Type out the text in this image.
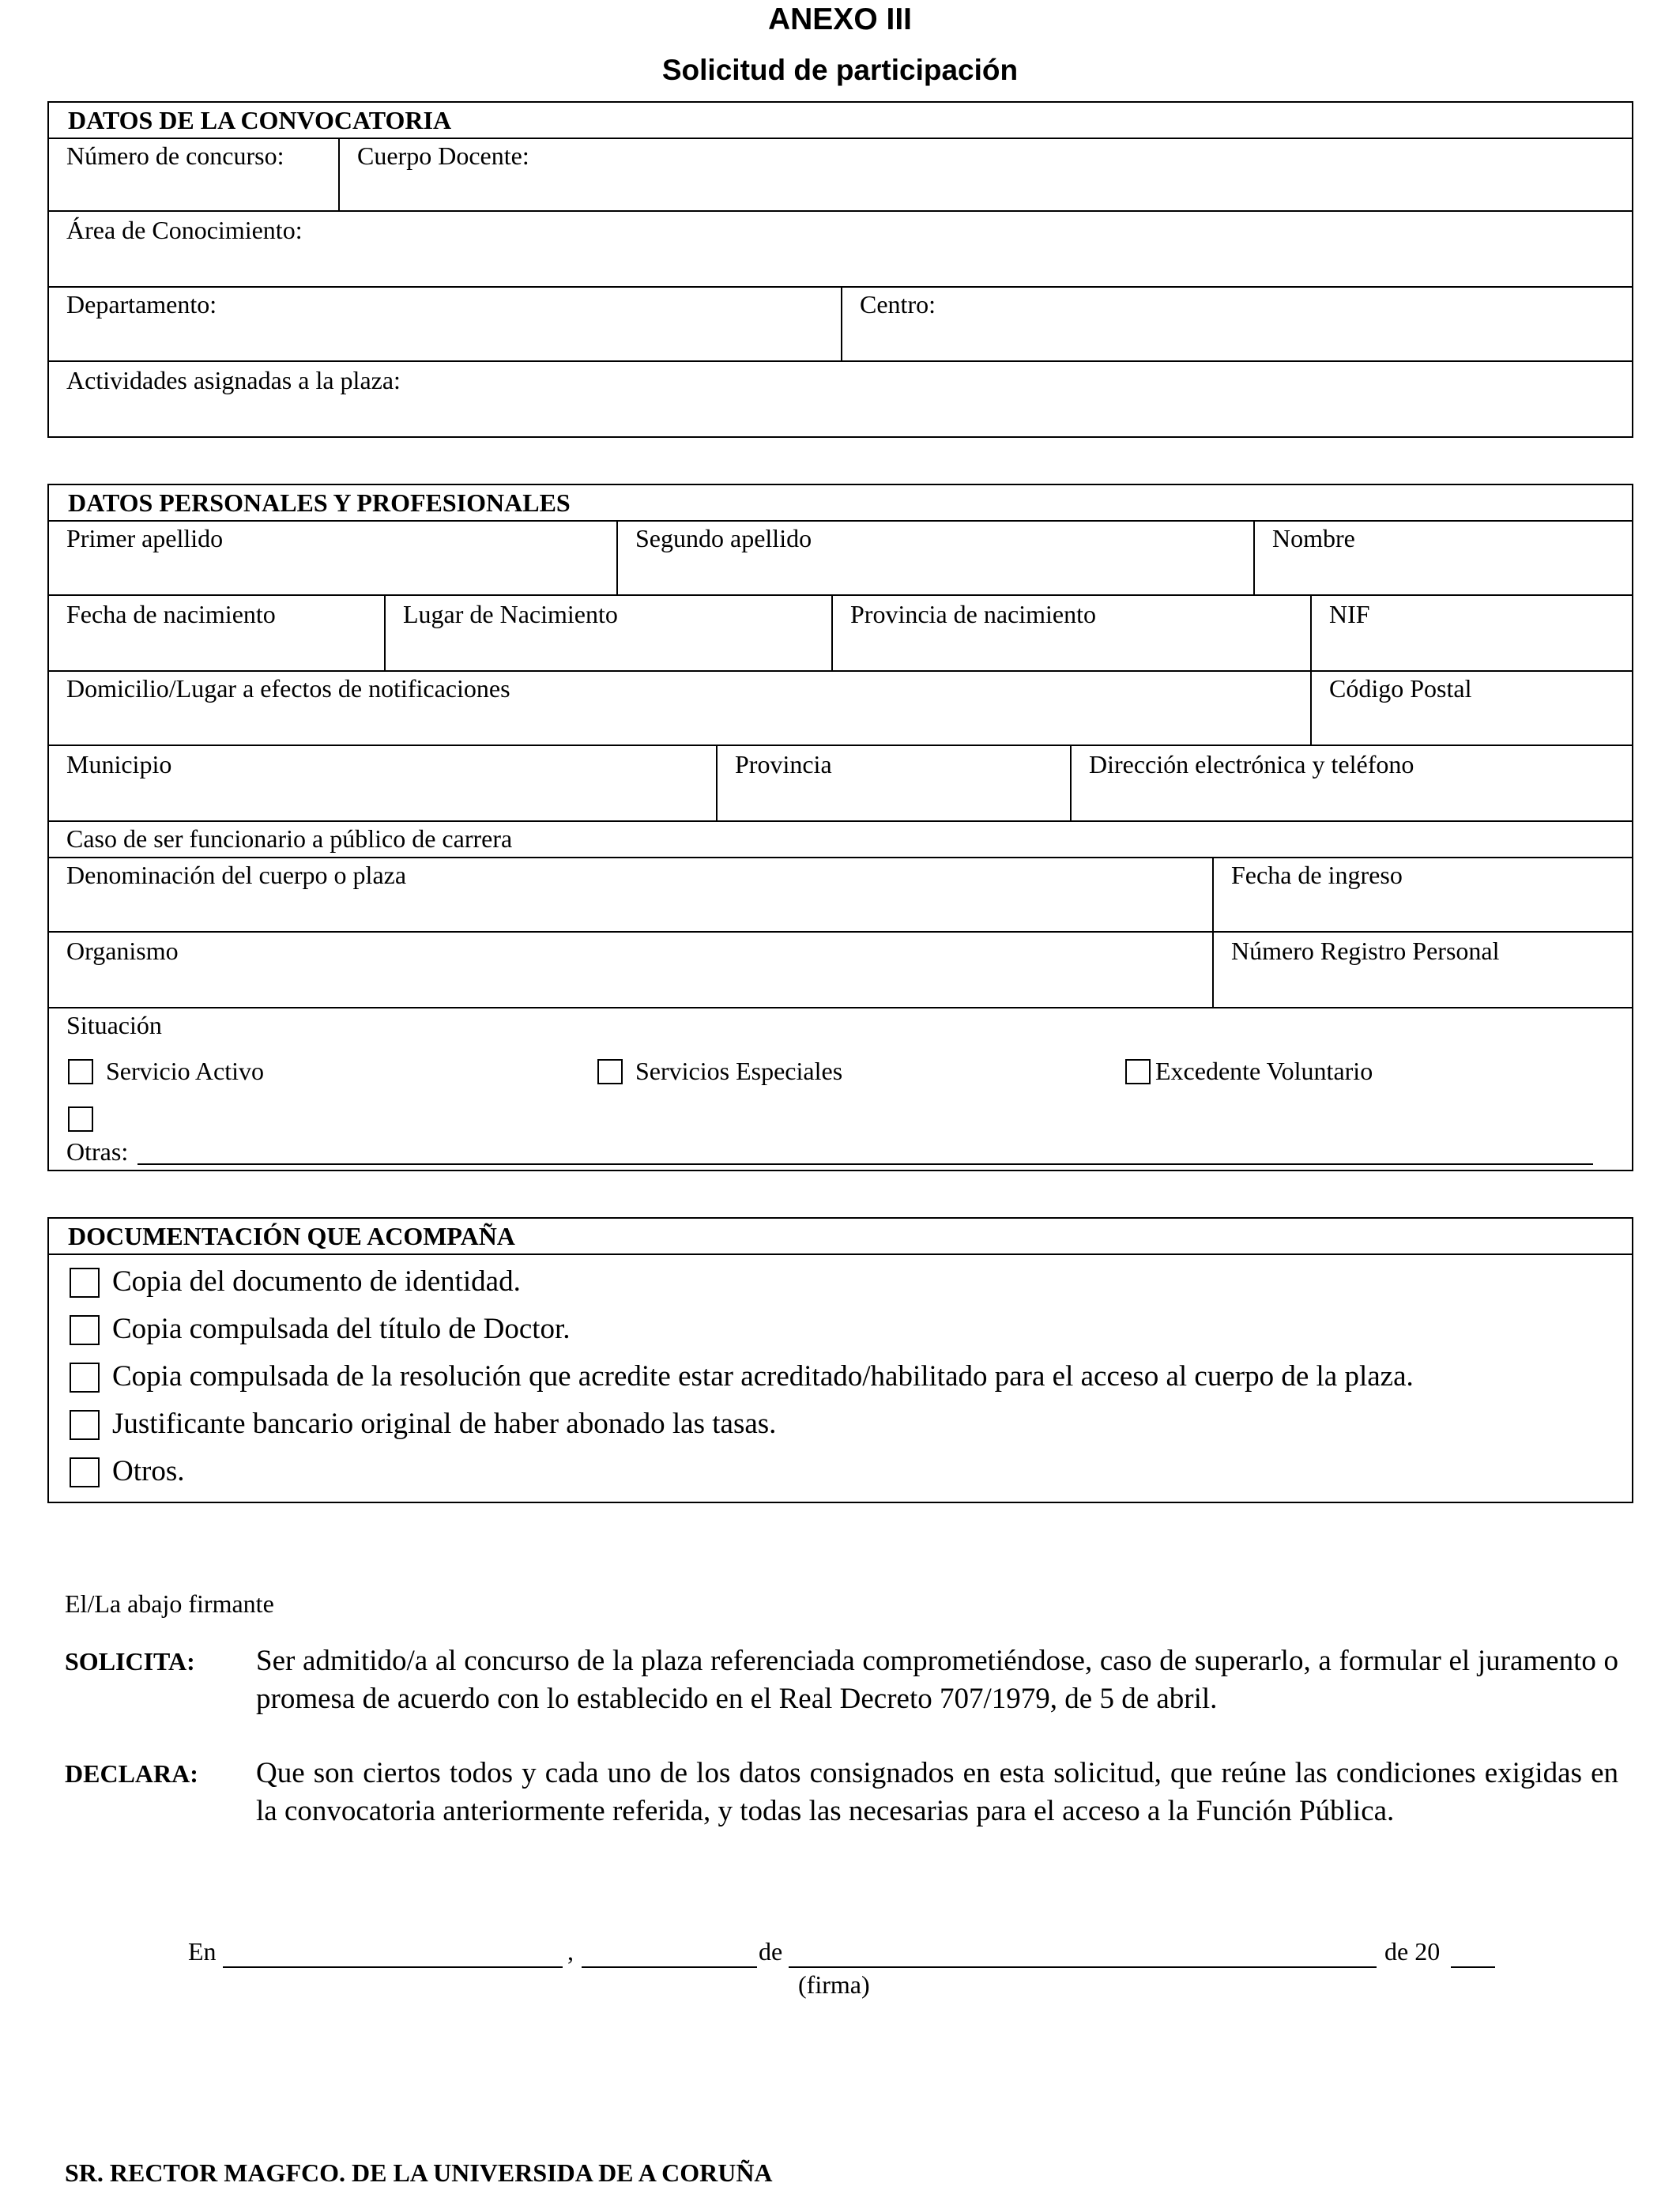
ANEXO III
Solicitud de participación
DATOS DE LA CONVOCATORIA
Número de concurso:	Cuerpo Docente:
Área de Conocimiento:
Departamento:	Centro:
Actividades asignadas a la plaza:
DATOS PERSONALES Y PROFESIONALES
Primer apellido	Segundo apellido	Nombre
Fecha de nacimiento	Lugar de Nacimiento	Provincia de nacimiento	NIF
Domicilio/Lugar a efectos de notificaciones	Código Postal
Municipio	Provincia	Dirección electrónica y teléfono
Caso de ser funcionario a público de carrera
Denominación del cuerpo o plaza	Fecha de ingreso
Organismo	Número Registro Personal
Situación
Servicio Activo	Servicios Especiales	Excedente Voluntario
Otras:
DOCUMENTACIÓN QUE ACOMPAÑA
Copia del documento de identidad.
Copia compulsada del título de Doctor.
Copia compulsada de la resolución que acredite estar acreditado/habilitado para el acceso al cuerpo de la plaza.
Justificante bancario original de haber abonado las tasas.
Otros.
El/La abajo firmante
SOLICITA: Ser admitido/a al concurso de la plaza referenciada comprometiéndose, caso de superarlo, a formular el juramento o promesa de acuerdo con lo establecido en el Real Decreto 707/1979, de 5 de abril.
DECLARA: Que son ciertos todos y cada uno de los datos consignados en esta solicitud, que reúne las condiciones exigidas en la convocatoria anteriormente referida, y todas las necesarias para el acceso a la Función Pública.
En	,	de	de 20
(firma)
SR. RECTOR MAGFCO. DE LA UNIVERSIDA DE A CORUÑA
